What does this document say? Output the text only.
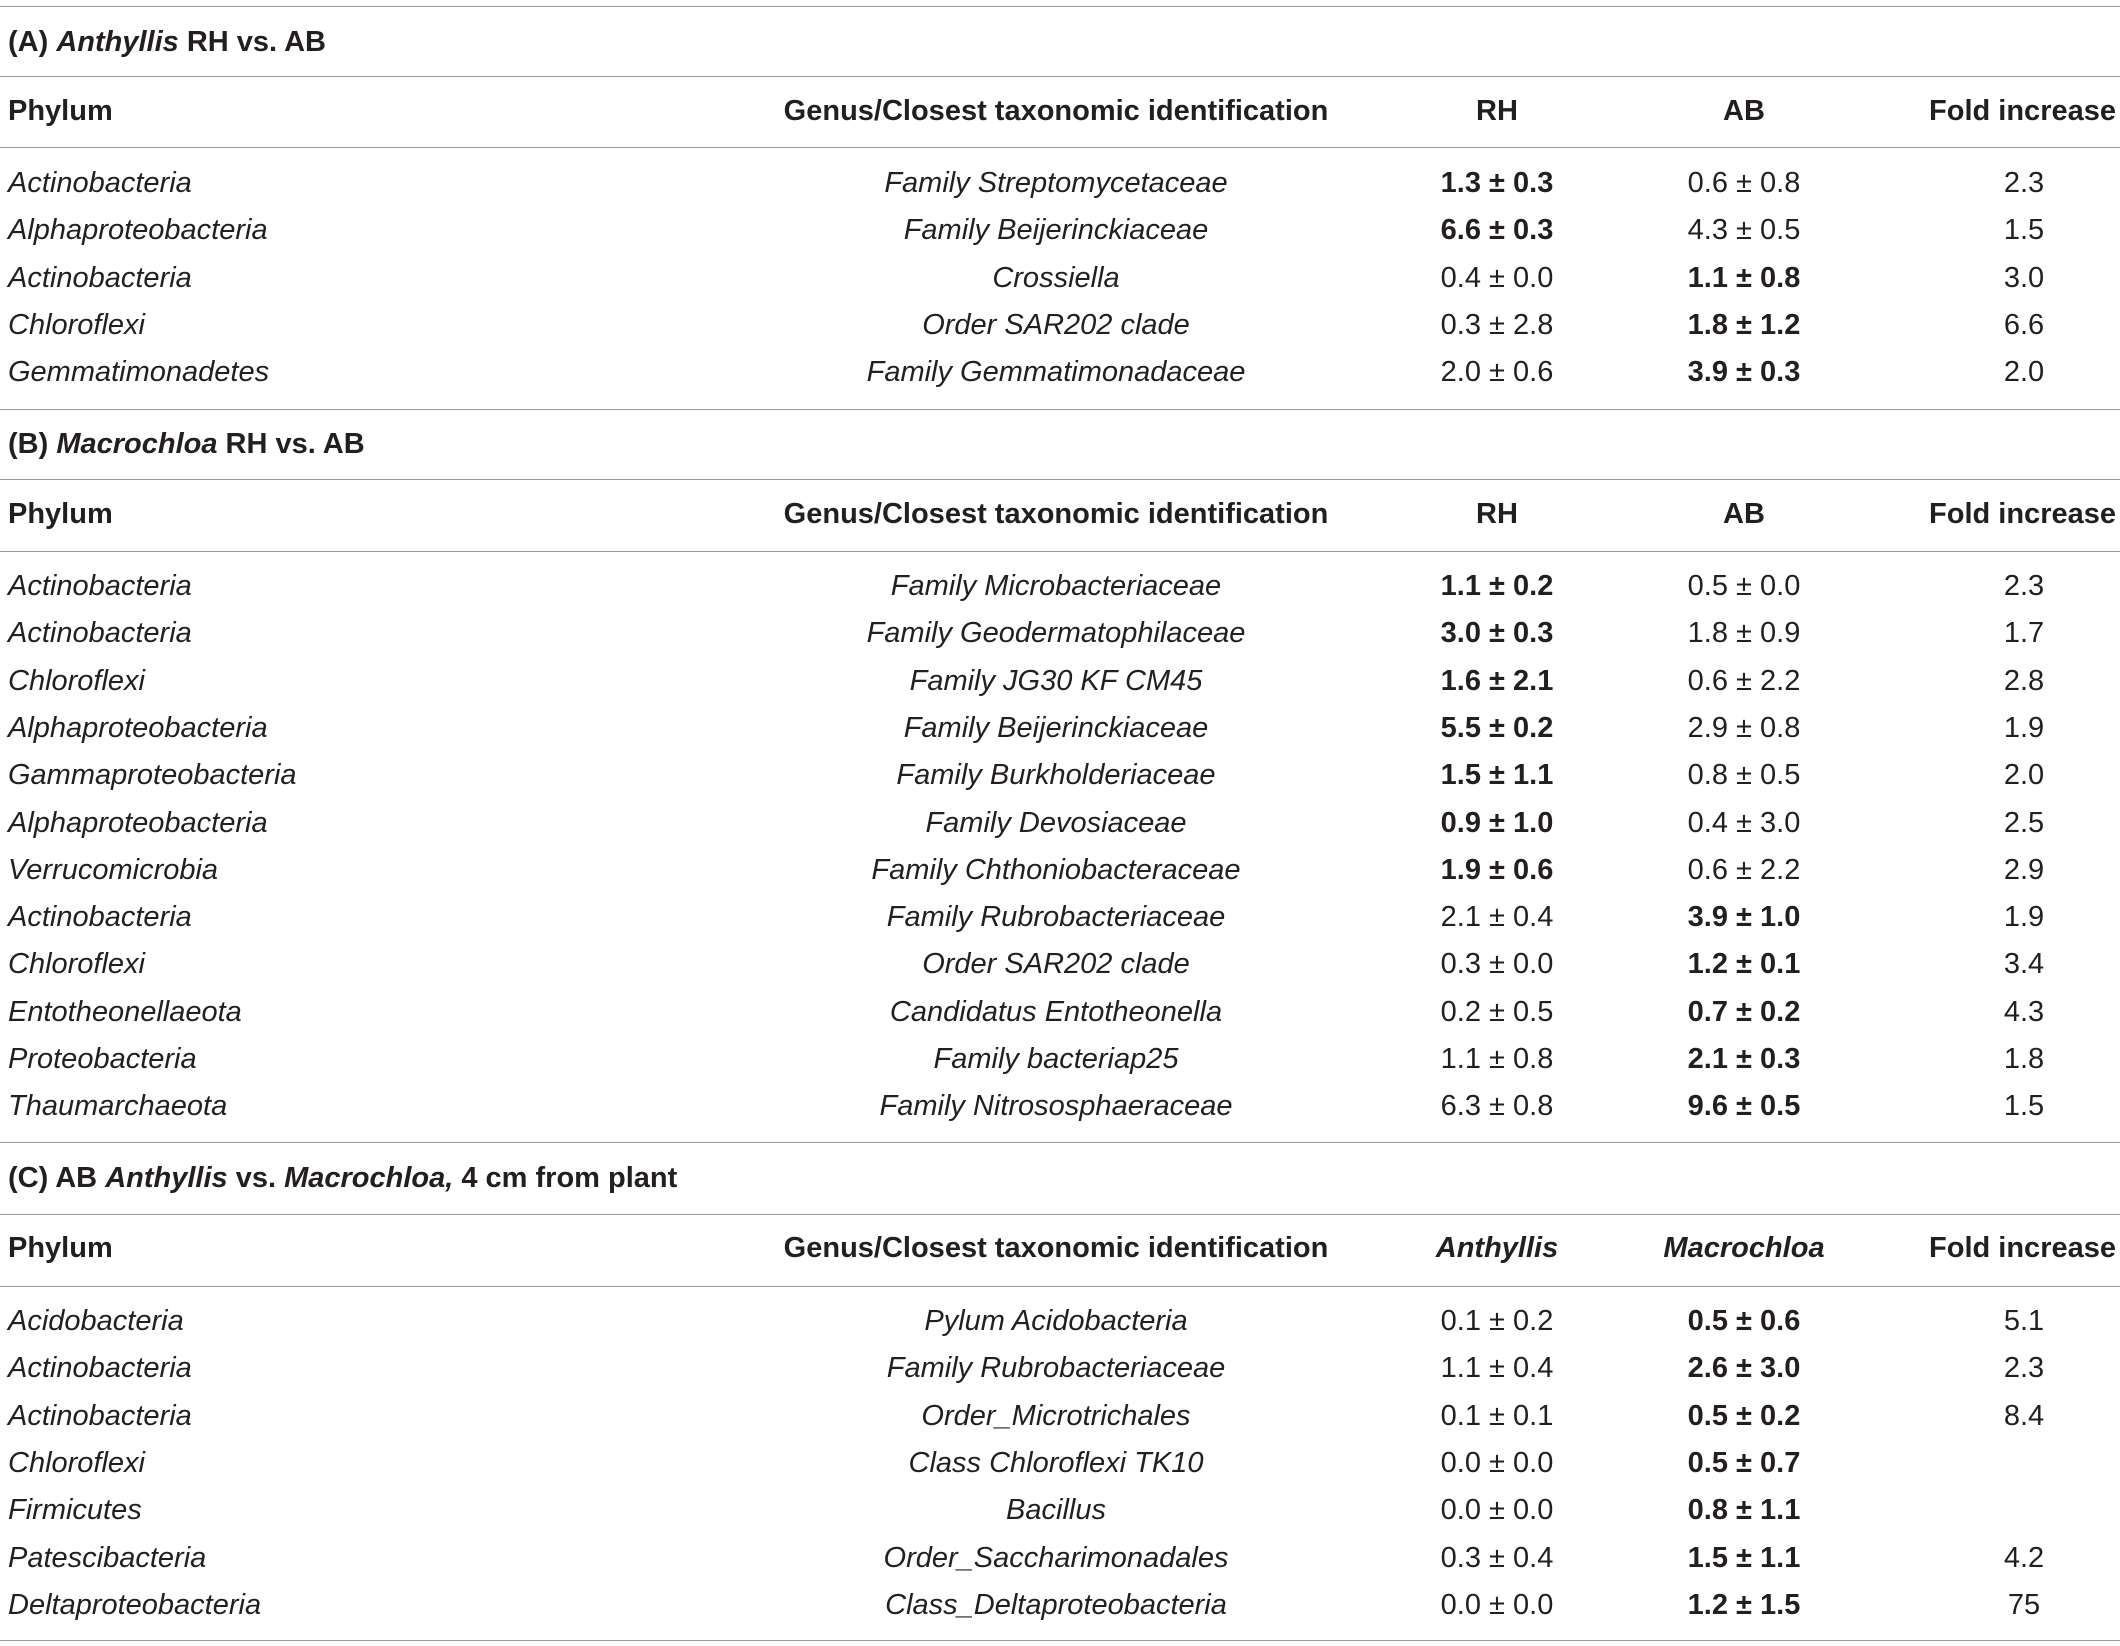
(A) Anthyllis RH vs. AB
Phylum	Genus/Closest taxonomic identification	RH	AB	Fold increase
Actinobacteria	Family Streptomycetaceae	1.3 ± 0.3	0.6 ± 0.8	2.3
Alphaproteobacteria	Family Beijerinckiaceae	6.6 ± 0.3	4.3 ± 0.5	1.5
Actinobacteria	Crossiella	0.4 ± 0.0	1.1 ± 0.8	3.0
Chloroflexi	Order SAR202 clade	0.3 ± 2.8	1.8 ± 1.2	6.6
Gemmatimonadetes	Family Gemmatimonadaceae	2.0 ± 0.6	3.9 ± 0.3	2.0
(B) Macrochloa RH vs. AB
Phylum	Genus/Closest taxonomic identification	RH	AB	Fold increase
Actinobacteria	Family Microbacteriaceae	1.1 ± 0.2	0.5 ± 0.0	2.3
Actinobacteria	Family Geodermatophilaceae	3.0 ± 0.3	1.8 ± 0.9	1.7
Chloroflexi	Family JG30 KF CM45	1.6 ± 2.1	0.6 ± 2.2	2.8
Alphaproteobacteria	Family Beijerinckiaceae	5.5 ± 0.2	2.9 ± 0.8	1.9
Gammaproteobacteria	Family Burkholderiaceae	1.5 ± 1.1	0.8 ± 0.5	2.0
Alphaproteobacteria	Family Devosiaceae	0.9 ± 1.0	0.4 ± 3.0	2.5
Verrucomicrobia	Family Chthoniobacteraceae	1.9 ± 0.6	0.6 ± 2.2	2.9
Actinobacteria	Family Rubrobacteriaceae	2.1 ± 0.4	3.9 ± 1.0	1.9
Chloroflexi	Order SAR202 clade	0.3 ± 0.0	1.2 ± 0.1	3.4
Entotheonellaeota	Candidatus Entotheonella	0.2 ± 0.5	0.7 ± 0.2	4.3
Proteobacteria	Family bacteriap25	1.1 ± 0.8	2.1 ± 0.3	1.8
Thaumarchaeota	Family Nitrososphaeraceae	6.3 ± 0.8	9.6 ± 0.5	1.5
(C) AB Anthyllis vs. Macrochloa, 4 cm from plant
Phylum	Genus/Closest taxonomic identification	Anthyllis	Macrochloa	Fold increase
Acidobacteria	Pylum Acidobacteria	0.1 ± 0.2	0.5 ± 0.6	5.1
Actinobacteria	Family Rubrobacteriaceae	1.1 ± 0.4	2.6 ± 3.0	2.3
Actinobacteria	Order_Microtrichales	0.1 ± 0.1	0.5 ± 0.2	8.4
Chloroflexi	Class Chloroflexi TK10	0.0 ± 0.0	0.5 ± 0.7
Firmicutes	Bacillus	0.0 ± 0.0	0.8 ± 1.1
Patescibacteria	Order_Saccharimonadales	0.3 ± 0.4	1.5 ± 1.1	4.2
Deltaproteobacteria	Class_Deltaproteobacteria	0.0 ± 0.0	1.2 ± 1.5	75
